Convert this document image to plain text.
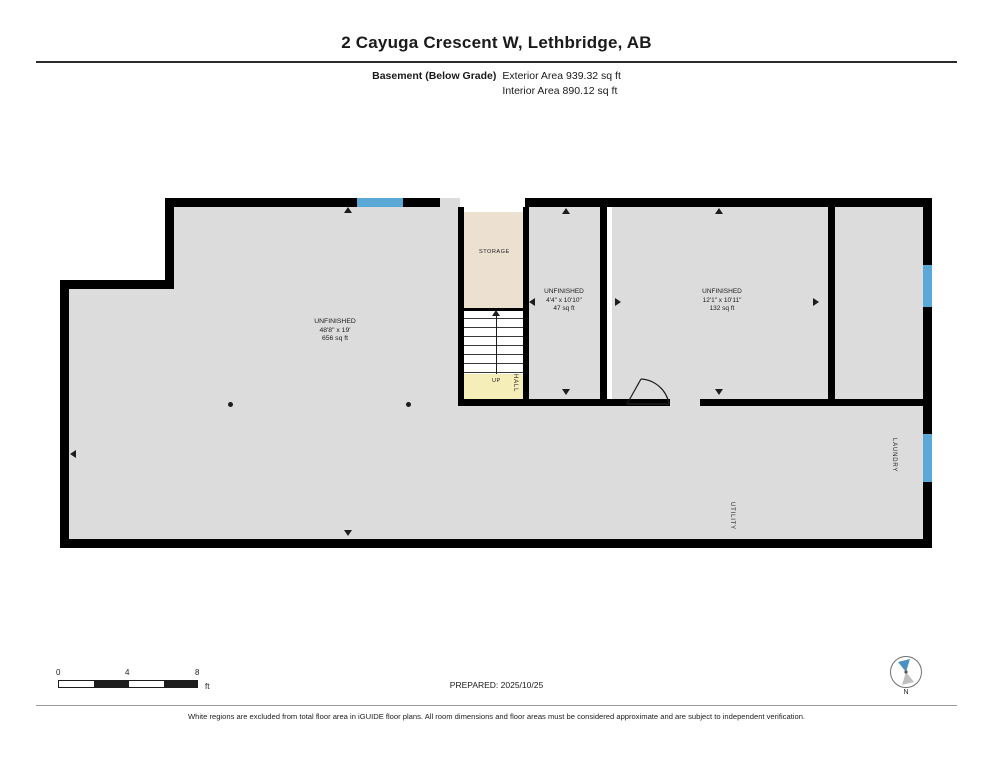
2 Cayuga Crescent W, Lethbridge, AB
Basement (Below Grade) Exterior Area 939.32 sq ft
Interior Area 890.12 sq ft
UNFINISHED
48'8" x 19'
656 sq ft
UNFINISHED
4'4" x 10'10"
47 sq ft
UNFINISHED
12'1" x 10'11"
132 sq ft
STORAGE
UP HALL
UTILITY
LAUNDRY
0	4	8
ft	PREPARED: 2025/10/25
N
White regions are excluded from total floor area in iGUIDE floor plans. All room dimensions and floor areas must be considered approximate and are subject to independent verification.
